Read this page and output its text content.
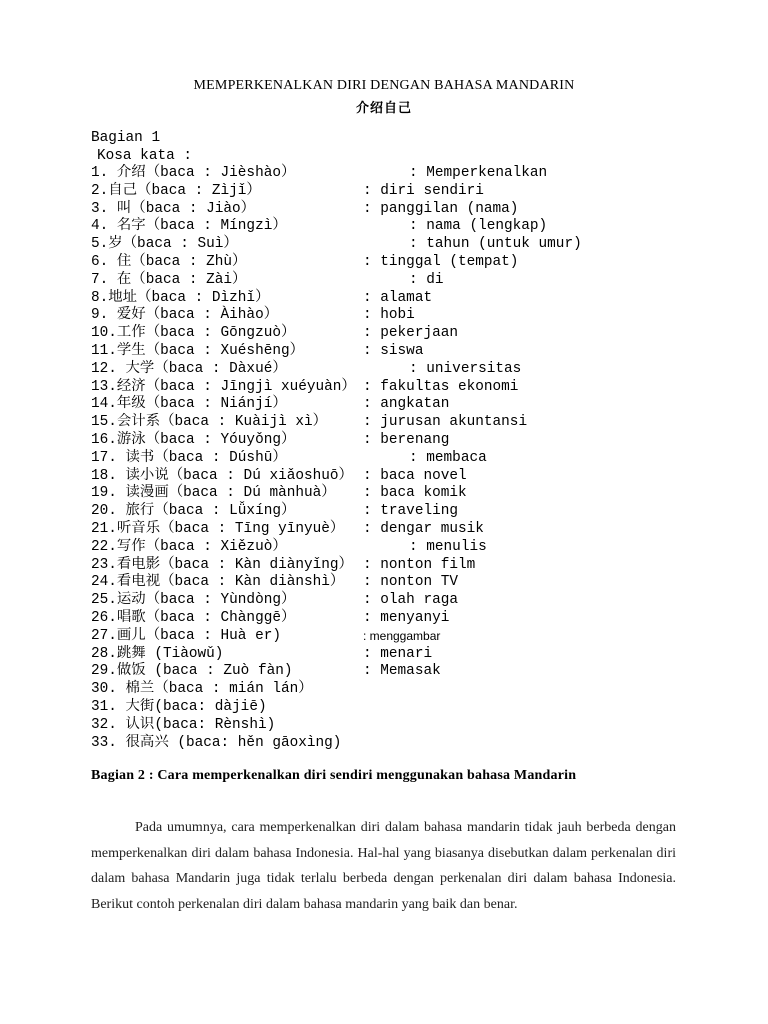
MEMPERKENALKAN DIRI DENGAN BAHASA MANDARIN
介绍自己
Bagian 1
Kosa kata :
1. 介绍（baca : Jièshào）	: Memperkenalkan
2.自己（baca : Zìjǐ）	: diri sendiri
3. 叫（baca : Jiào）	: panggilan (nama)
4. 名字（baca : Míngzì）	: nama (lengkap)
5.岁（baca : Suì）	: tahun (untuk umur)
6. 住（baca : Zhù）	: tinggal (tempat)
7. 在（baca : Zài）	: di
8.地址（baca : Dìzhǐ）	: alamat
9. 爱好（baca : Àihào）	: hobi
10.工作（baca : Gōngzuò）	: pekerjaan
11.学生（baca : Xuéshēng）	: siswa
12. 大学（baca : Dàxué）	: universitas
13.经济（baca : Jīngjì xuéyuàn） : fakultas ekonomi
14.年级（baca : Niánjí）	: angkatan
15.会计系（baca : Kuàijì xì） : jurusan akuntansi
16.游泳（baca : Yóuyǒng）	: berenang
17. 读书（baca : Dúshū）	: membaca
18. 读小说（baca : Dú xiǎoshuō） : baca novel
19. 读漫画（baca : Dú mànhuà） : baca komik
20. 旅行（baca : Lǚxíng）	: traveling
21.听音乐（baca : Tīng yīnyuè） : dengar musik
22.写作（baca : Xiězuò）	: menulis
23.看电影（baca : Kàn diànyǐng） : nonton film
24.看电视（baca : Kàn diànshì） : nonton TV
25.运动（baca : Yùndòng）	: olah raga
26.唱歌（baca : Chànggē）	: menyanyi
27.画儿（baca : Huà er)	: menggambar
28.跳舞 (Tiàowǔ)	: menari
29.做饭 (baca : Zuò fàn)	: Memasak
30. 棉兰（baca : mián lán）
31. 大街(baca: dàjiē)
32. 认识(baca: Rènshì)
33. 很高兴 (baca: hěn gāoxìng)
Bagian 2 : Cara memperkenalkan diri sendiri menggunakan bahasa Mandarin
Pada umumnya, cara memperkenalkan diri dalam bahasa mandarin tidak jauh berbeda dengan memperkenalkan diri dalam bahasa Indonesia. Hal-hal yang biasanya disebutkan dalam perkenalan diri dalam bahasa Mandarin juga tidak terlalu berbeda dengan perkenalan diri dalam bahasa Indonesia. Berikut contoh perkenalan diri dalam bahasa mandarin yang baik dan benar.
